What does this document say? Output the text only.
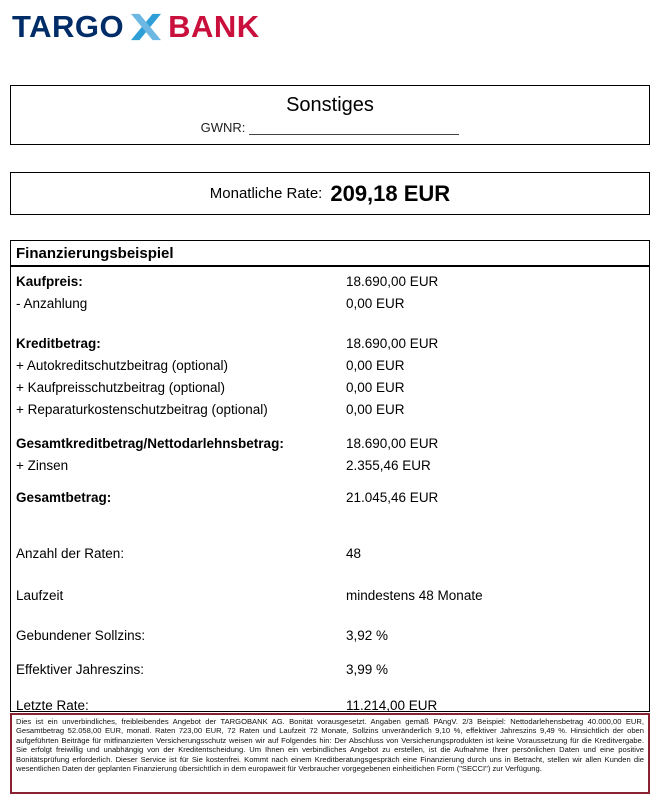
TARGO BANK
Sonstiges
GWNR:
Monatliche Rate: 209,18 EUR
Finanzierungsbeispiel
Kaufpreis:	18.690,00 EUR
- Anzahlung	0,00 EUR
Kreditbetrag:	18.690,00 EUR
+ Autokreditschutzbeitrag (optional)	0,00 EUR
+ Kaufpreisschutzbeitrag (optional)	0,00 EUR
+ Reparaturkostenschutzbeitrag (optional)	0,00 EUR
Gesamtkreditbetrag/Nettodarlehnsbetrag:	18.690,00 EUR
+ Zinsen	2.355,46 EUR
Gesamtbetrag:	21.045,46 EUR
Anzahl der Raten:	48
Laufzeit	mindestens 48 Monate
Gebundener Sollzins:	3,92 %
Effektiver Jahreszins:	3,99 %
Letzte Rate:	11.214,00 EUR

Dies ist ein unverbindliches, freibleibendes Angebot der TARGOBANK AG. Bonität vorausgesetzt. Angaben gemäß PAngV. 2/3 Beispiel: Nettodarlehensbetrag 40.000,00 EUR, Gesamtbetrag 52.058,00 EUR, monatl. Raten 723,00 EUR, 72 Raten und Laufzeit 72 Monate, Sollzins unveränderlich 9,10 %, effektiver Jahreszins 9,49 %. Hinsichtlich der oben aufgeführten Beiträge für mitfinanzierten Versicherungsschutz weisen wir auf Folgendes hin: Der Abschluss von Versicherungsprodukten ist keine Voraussetzung für die Kreditvergabe. Sie erfolgt freiwillig und unabhängig von der Kreditentscheidung. Um Ihnen ein verbindliches Angebot zu erstellen, ist die Aufnahme Ihrer persönlichen Daten und eine positive Bonitätsprüfung erforderlich. Dieser Service ist für Sie kostenfrei. Kommt nach einem Kreditberatungsgespräch eine Finanzierung durch uns in Betracht, stellen wir allen Kunden die wesentlichen Daten der geplanten Finanzierung übersichtlich in dem europaweit für Verbraucher vorgegebenen einheitlichen Form ("SECCI") zur Verfügung.
